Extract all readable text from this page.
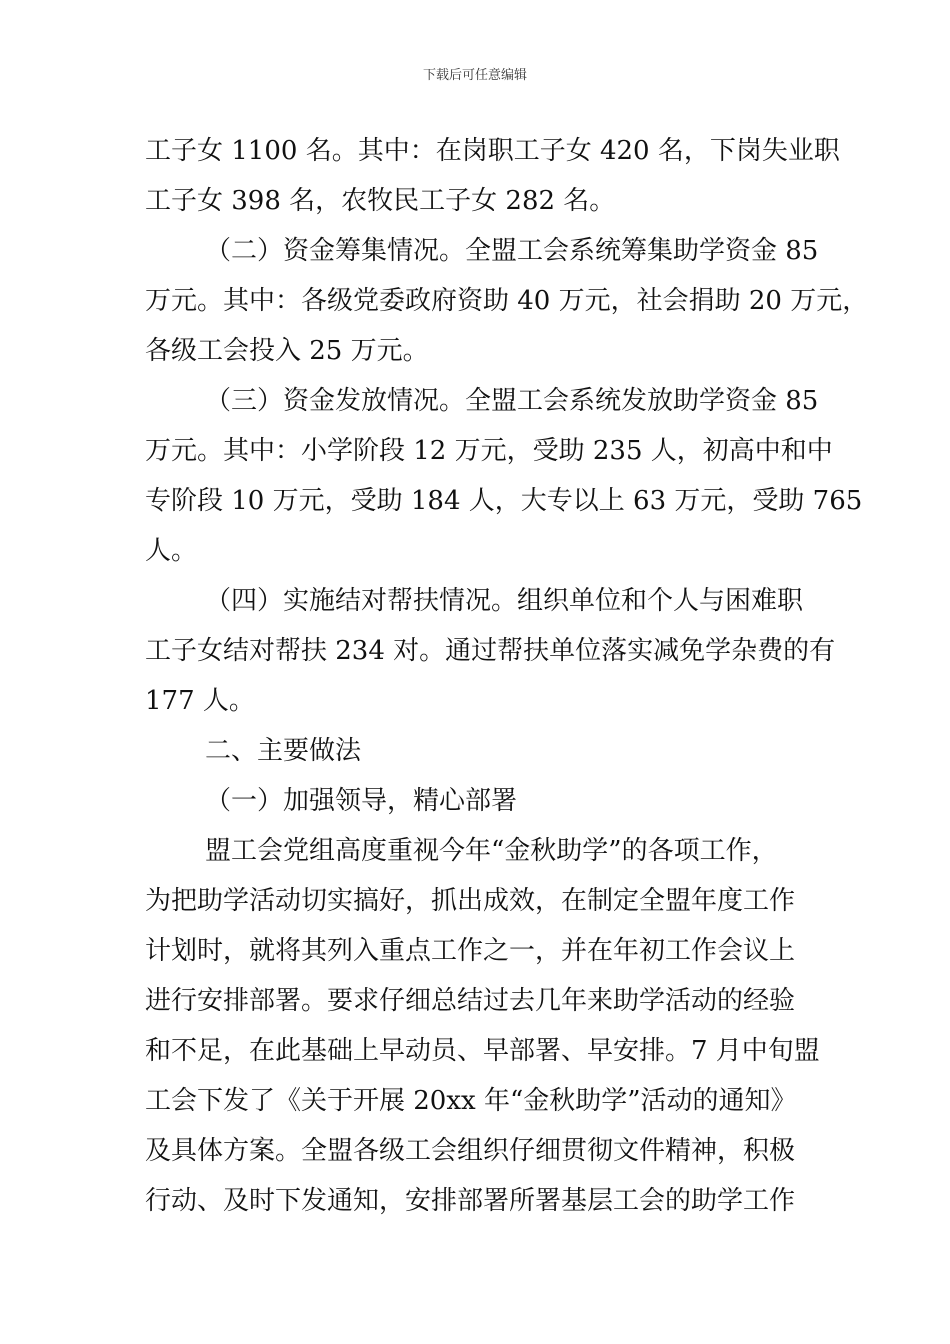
下载后可任意编辑
工子女 1100 名。其中：在岗职工子女 420 名，下岗失业职
工子女 398 名，农牧民工子女 282 名。
（二）资金筹集情况。全盟工会系统筹集助学资金 85
万元。其中：各级党委政府资助 40 万元，社会捐助 20 万元，
各级工会投入 25 万元。
（三）资金发放情况。全盟工会系统发放助学资金 85
万元。其中：小学阶段 12 万元，受助 235 人，初高中和中
专阶段 10 万元，受助 184 人，大专以上 63 万元，受助 765
人。
（四）实施结对帮扶情况。组织单位和个人与困难职
工子女结对帮扶 234 对。通过帮扶单位落实减免学杂费的有
177 人。
二、主要做法
（一）加强领导，精心部署
盟工会党组高度重视今年“金秋助学”的各项工作，
为把助学活动切实搞好，抓出成效，在制定全盟年度工作
计划时，就将其列入重点工作之一，并在年初工作会议上
进行安排部署。要求仔细总结过去几年来助学活动的经验
和不足，在此基础上早动员、早部署、早安排。7 月中旬盟
工会下发了《关于开展 20xx 年“金秋助学”活动的通知》
及具体方案。全盟各级工会组织仔细贯彻文件精神，积极
行动、及时下发通知，安排部署所署基层工会的助学工作
